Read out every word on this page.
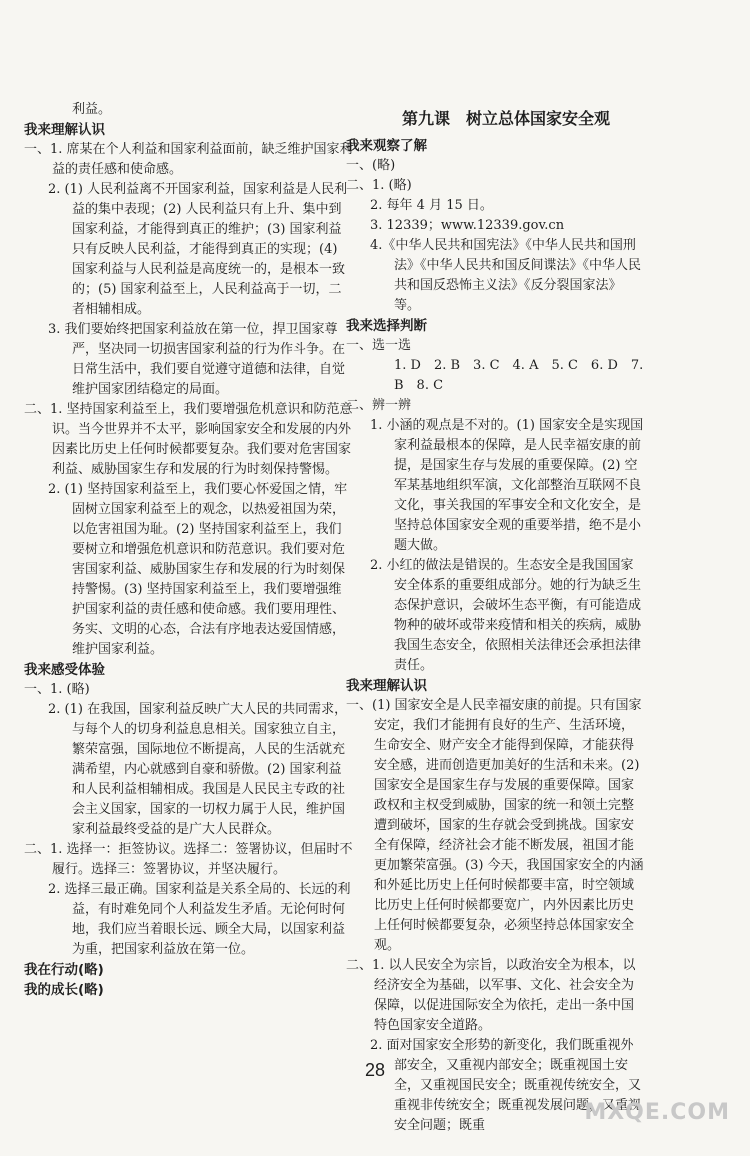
利益。
我来理解认识
一、1. 席某在个人利益和国家利益面前，缺乏维护国家利益的责任感和使命感。
2. (1) 人民利益离不开国家利益，国家利益是人民利益的集中表现；(2) 人民利益只有上升、集中到国家利益，才能得到真正的维护；(3) 国家利益只有反映人民利益，才能得到真正的实现；(4) 国家利益与人民利益是高度统一的，是根本一致的；(5) 国家利益至上，人民利益高于一切，二者相辅相成。
3. 我们要始终把国家利益放在第一位，捍卫国家尊严，坚决同一切损害国家利益的行为作斗争。在日常生活中，我们要自觉遵守道德和法律，自觉维护国家团结稳定的局面。
二、1. 坚持国家利益至上，我们要增强危机意识和防范意识。当今世界并不太平，影响国家安全和发展的内外因素比历史上任何时候都要复杂。我们要对危害国家利益、威胁国家生存和发展的行为时刻保持警惕。
2. (1) 坚持国家利益至上，我们要心怀爱国之情，牢固树立国家利益至上的观念，以热爱祖国为荣，以危害祖国为耻。(2) 坚持国家利益至上，我们要树立和增强危机意识和防范意识。我们要对危害国家利益、威胁国家生存和发展的行为时刻保持警惕。(3) 坚持国家利益至上，我们要增强维护国家利益的责任感和使命感。我们要用理性、务实、文明的心态，合法有序地表达爱国情感，维护国家利益。
我来感受体验
一、1. (略)
2. (1) 在我国，国家利益反映广大人民的共同需求，与每个人的切身利益息息相关。国家独立自主，繁荣富强，国际地位不断提高，人民的生活就充满希望，内心就感到自豪和骄傲。(2) 国家利益和人民利益相辅相成。我国是人民民主专政的社会主义国家，国家的一切权力属于人民，维护国家利益最终受益的是广大人民群众。
二、1. 选择一：拒签协议。选择二：签署协议，但届时不履行。选择三：签署协议，并坚决履行。
2. 选择三最正确。国家利益是关系全局的、长远的利益，有时难免同个人利益发生矛盾。无论何时何地，我们应当着眼长远、顾全大局，以国家利益为重，把国家利益放在第一位。
我在行动(略)
我的成长(略)
第九课　树立总体国家安全观
我来观察了解
一、(略)
二、1. (略)
2. 每年 4 月 15 日。
3. 12339；www.12339.gov.cn
4.《中华人民共和国宪法》《中华人民共和国刑法》《中华人民共和国反间谍法》《中华人民共和国反恐怖主义法》《反分裂国家法》等。
我来选择判断
一、选一选
1. D　2. B　3. C　4. A　5. C　6. D　7. B　8. C
二、辨一辨
1. 小涵的观点是不对的。(1) 国家安全是实现国家利益最根本的保障，是人民幸福安康的前提，是国家生存与发展的重要保障。(2) 空军某基地组织军演，文化部整治互联网不良文化，事关我国的军事安全和文化安全，是坚持总体国家安全观的重要举措，绝不是小题大做。
2. 小红的做法是错误的。生态安全是我国国家安全体系的重要组成部分。她的行为缺乏生态保护意识，会破坏生态平衡，有可能造成物种的破坏或带来疫情和相关的疾病，威胁我国生态安全，依照相关法律还会承担法律责任。
我来理解认识
一、(1) 国家安全是人民幸福安康的前提。只有国家安定，我们才能拥有良好的生产、生活环境，生命安全、财产安全才能得到保障，才能获得安全感，进而创造更加美好的生活和未来。(2) 国家安全是国家生存与发展的重要保障。国家政权和主权受到威胁，国家的统一和领土完整遭到破坏，国家的生存就会受到挑战。国家安全有保障，经济社会才能不断发展，祖国才能更加繁荣富强。(3) 今天，我国国家安全的内涵和外延比历史上任何时候都要丰富，时空领域比历史上任何时候都要宽广，内外因素比历史上任何时候都要复杂，必须坚持总体国家安全观。
二、1. 以人民安全为宗旨，以政治安全为根本，以经济安全为基础，以军事、文化、社会安全为保障，以促进国际安全为依托，走出一条中国特色国家安全道路。
2. 面对国家安全形势的新变化，我们既重视外部安全，又重视内部安全；既重视国土安全，又重视国民安全；既重视传统安全，又重视非传统安全；既重视发展问题，又重视安全问题；既重
28
MXQE.COM
